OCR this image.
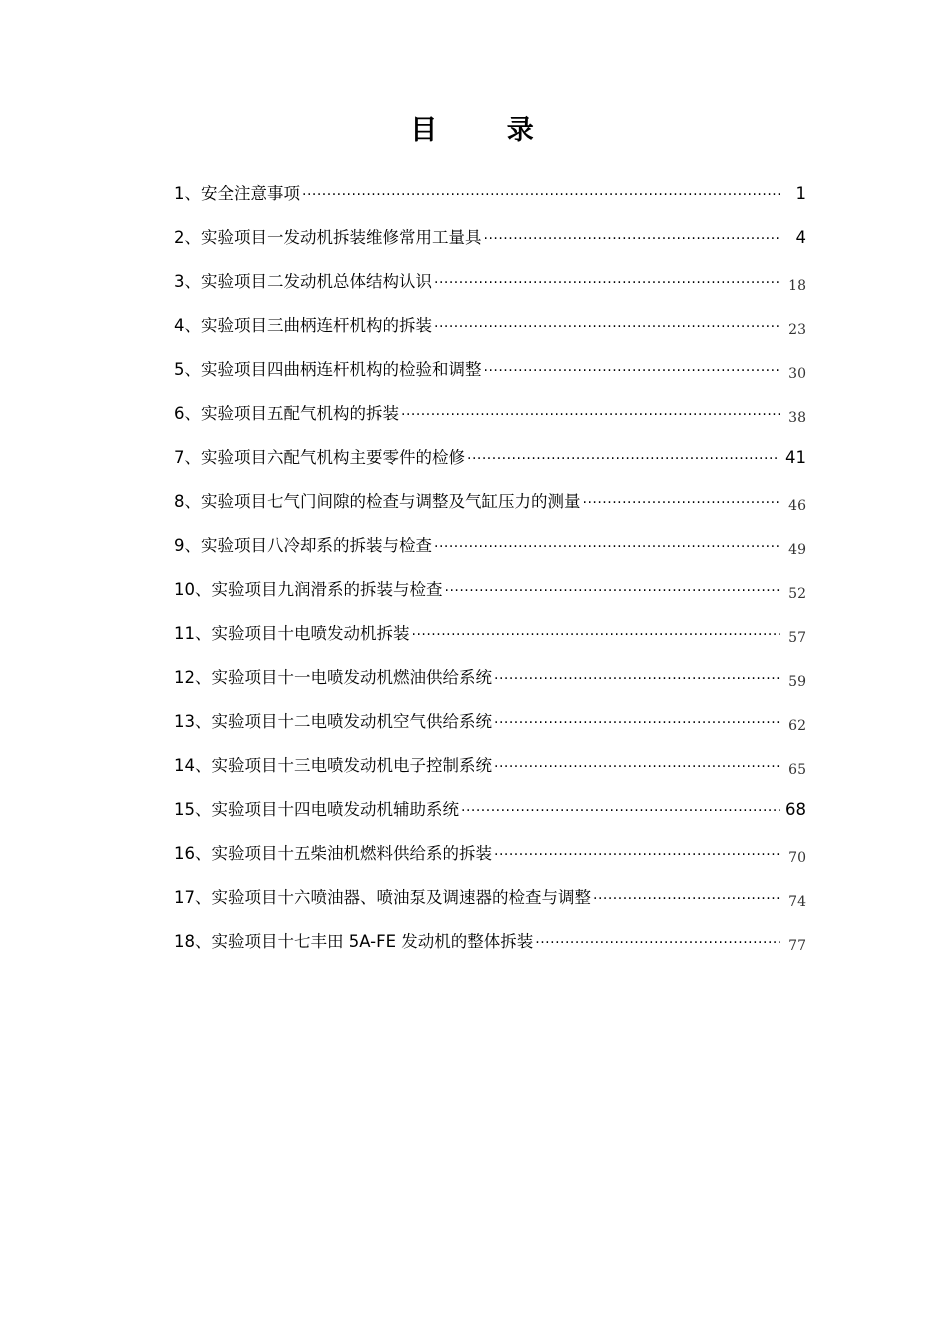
目 录
1、安全注意事项 ·····	1
2、实验项目一发动机拆装维修常用工量具 ·····	4
3、实验项目二发动机总体结构认识 ·····	18
4、实验项目三曲柄连杆机构的拆装 ·····	23
5、实验项目四曲柄连杆机构的检验和调整 ·····	30
6、实验项目五配气机构的拆装 ·····	38
7、实验项目六配气机构主要零件的检修 ·····	41
8、实验项目七气门间隙的检查与调整及气缸压力的测量 ·····	46
9、实验项目八冷却系的拆装与检查 ·····	49
10、实验项目九润滑系的拆装与检查 ·····	52
11、实验项目十电喷发动机拆装 ·····	57
12、实验项目十一电喷发动机燃油供给系统 ·····	59
13、实验项目十二电喷发动机空气供给系统 ·····	62
14、实验项目十三电喷发动机电子控制系统 ·····	65
15、实验项目十四电喷发动机辅助系统 ·····	68
16、实验项目十五柴油机燃料供给系的拆装 ·····	70
17、实验项目十六喷油器、喷油泵及调速器的检查与调整 ·····	74
18、实验项目十七丰田 5A-FE 发动机的整体拆装 ·····	77
